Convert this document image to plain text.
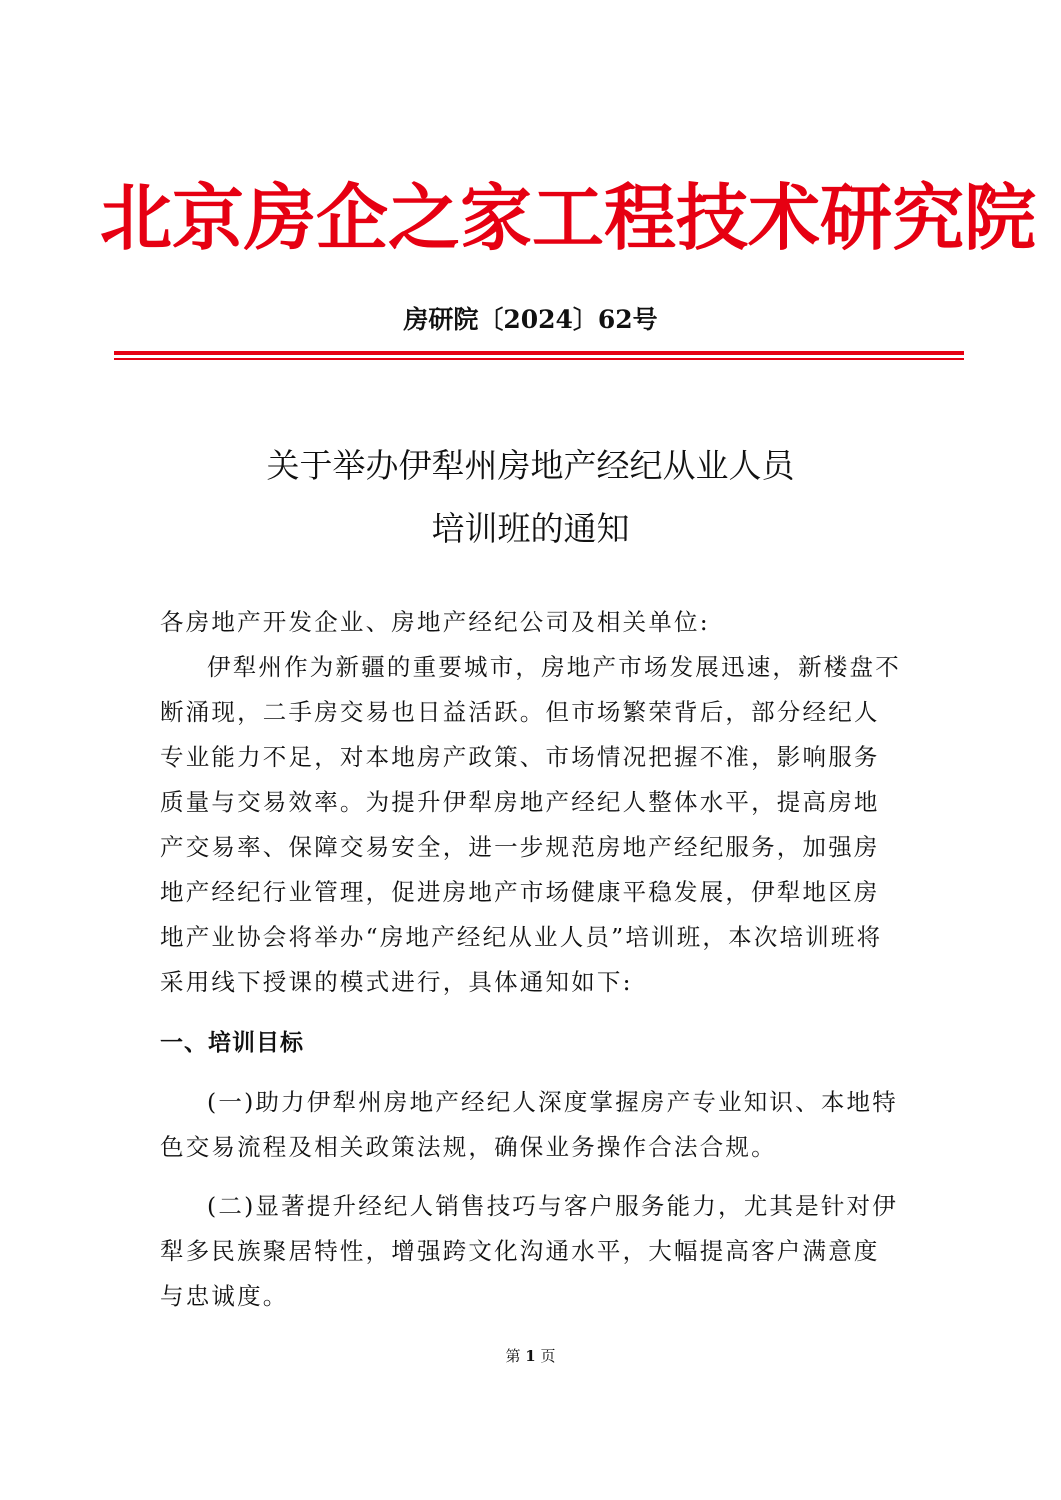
北京房企之家工程技术研究院
房研院〔2024〕62号
关于举办伊犁州房地产经纪从业人员
培训班的通知

各房地产开发企业、房地产经纪公司及相关单位:

伊犁州作为新疆的重要城市，房地产市场发展迅速，新楼盘不断涌现，二手房交易也日益活跃。但市场繁荣背后，部分经纪人专业能力不足，对本地房产政策、市场情况把握不准，影响服务质量与交易效率。为提升伊犁房地产经纪人整体水平，提高房地产交易率、保障交易安全，进一步规范房地产经纪服务，加强房地产经纪行业管理，促进房地产市场健康平稳发展，伊犁地区房地产业协会将举办“房地产经纪从业人员”培训班，本次培训班将采用线下授课的模式进行，具体通知如下:

一、培训目标

(一)助力伊犁州房地产经纪人深度掌握房产专业知识、本地特色交易流程及相关政策法规，确保业务操作合法合规。

(二)显著提升经纪人销售技巧与客户服务能力，尤其是针对伊犁多民族聚居特性，增强跨文化沟通水平，大幅提高客户满意度与忠诚度。

第 1 页
